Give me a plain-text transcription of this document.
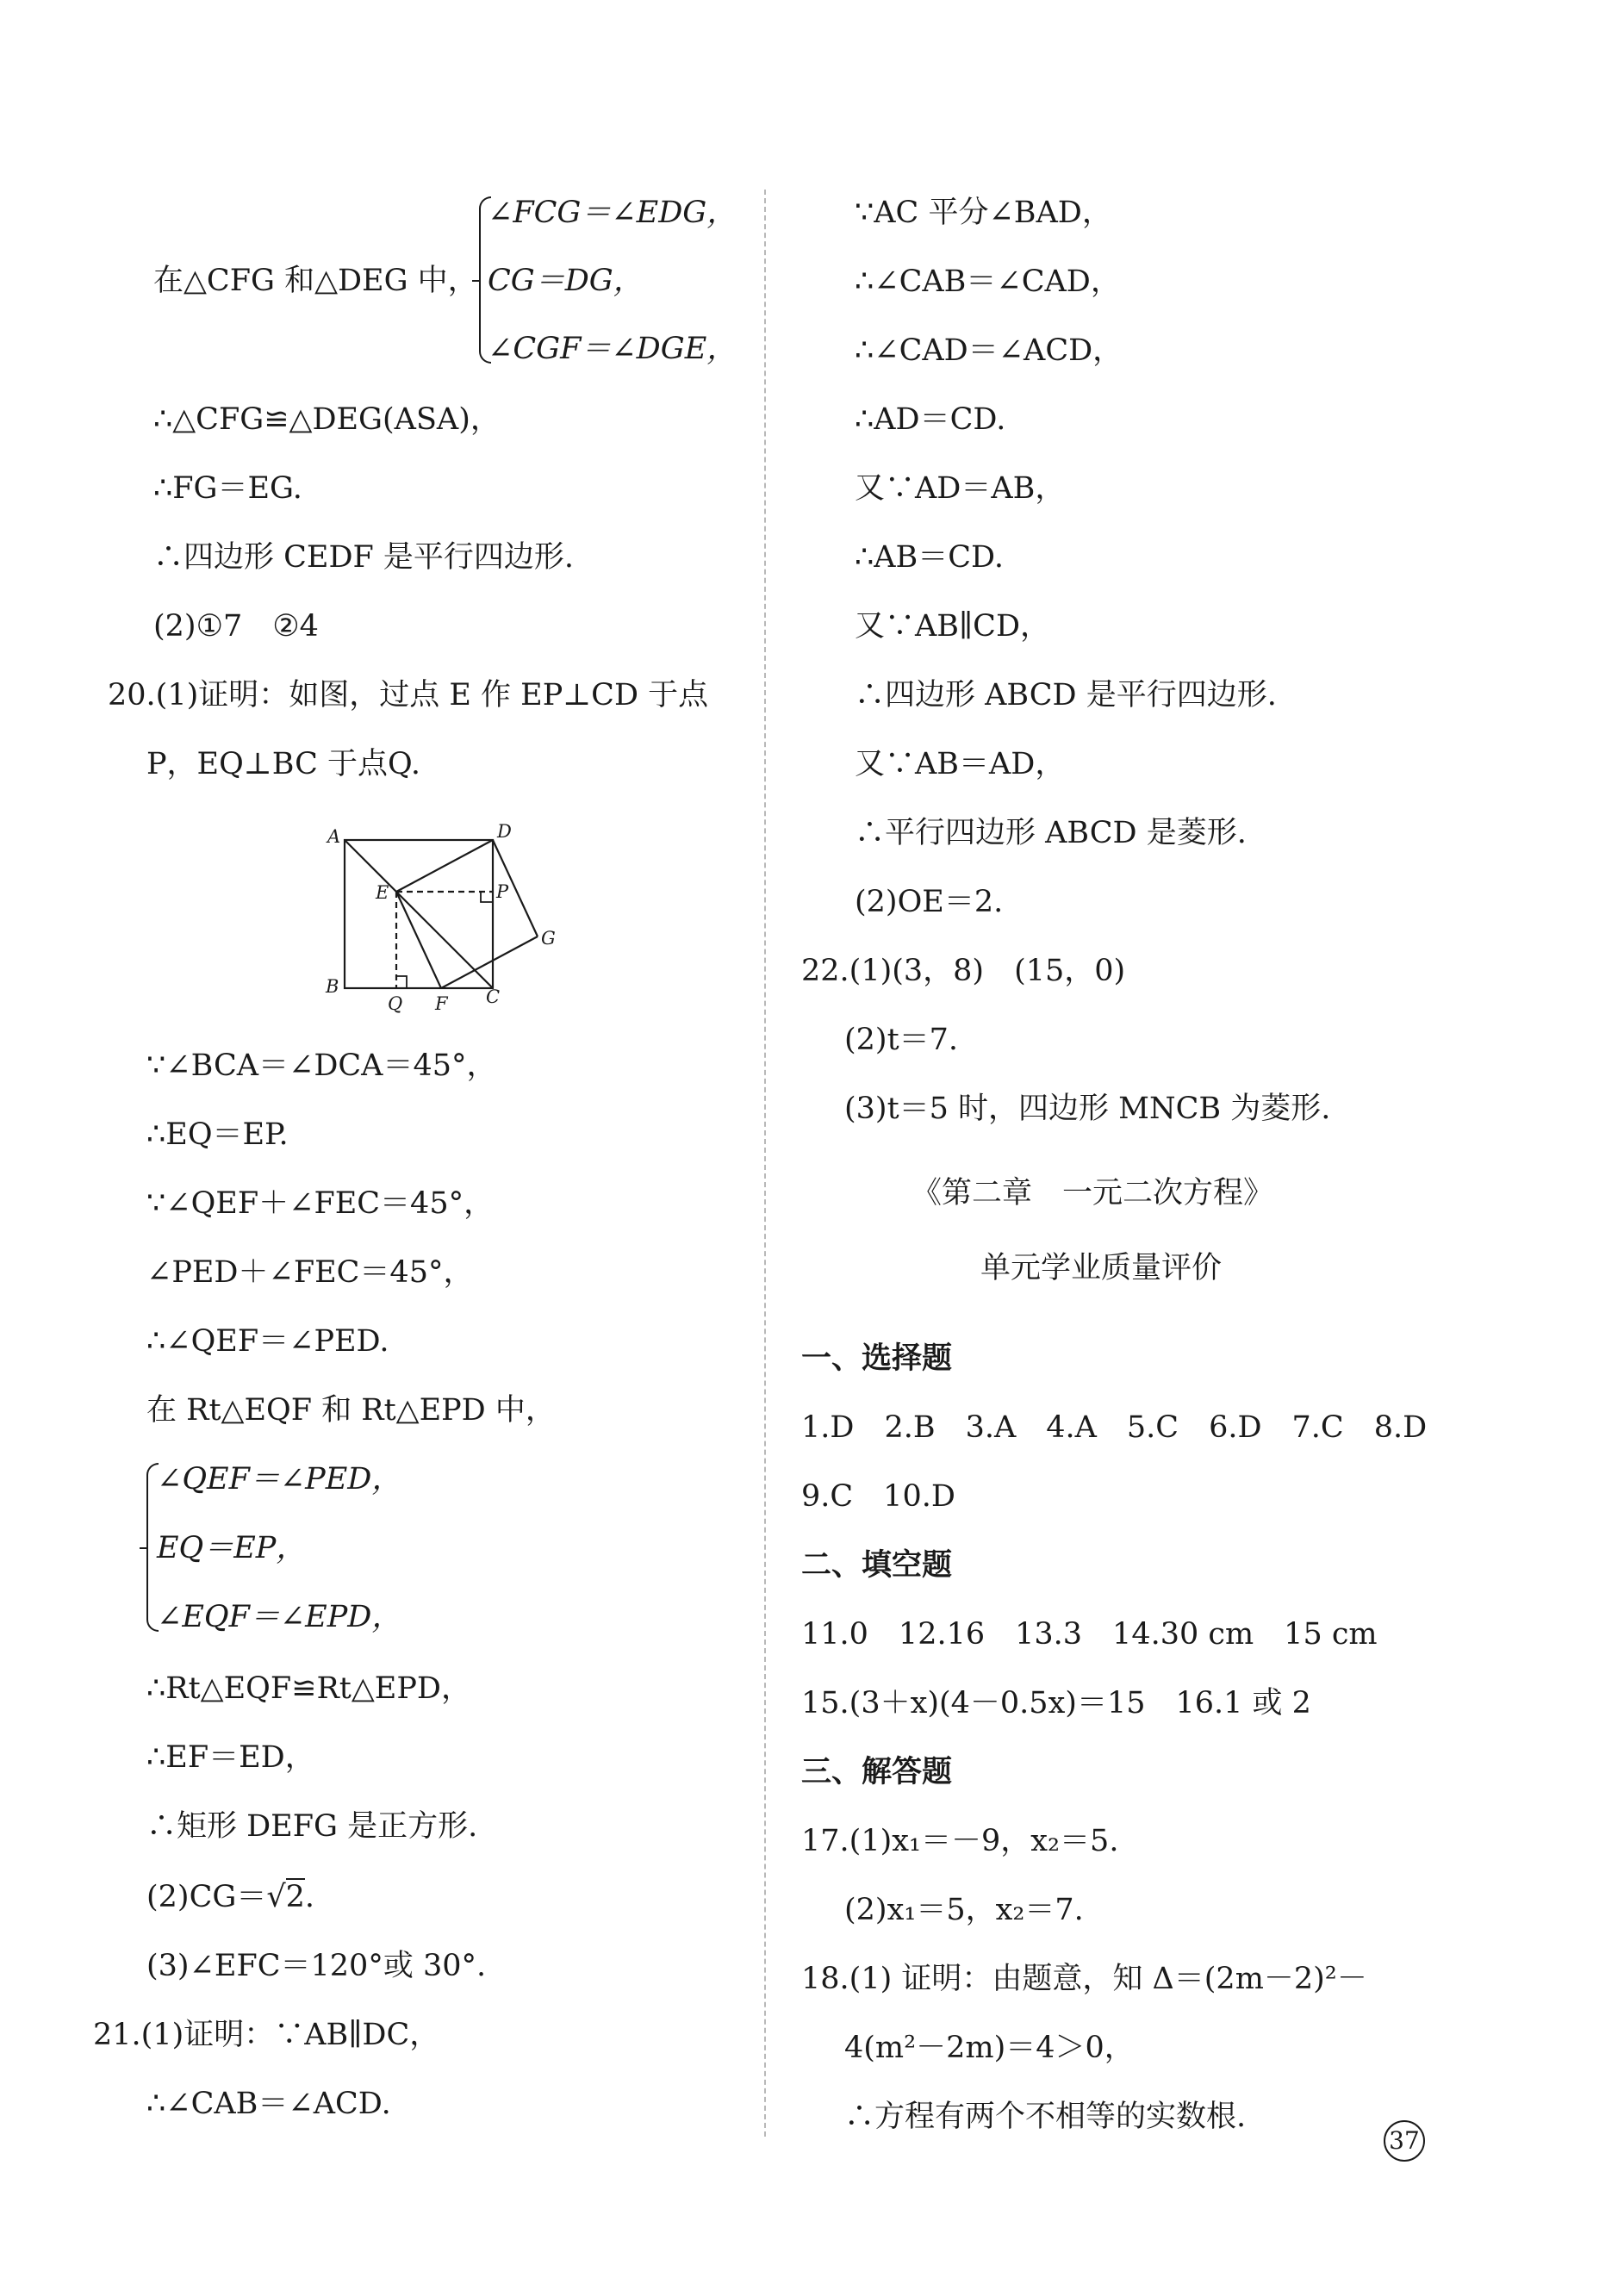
在△CFG 和△DEG 中，
∠FCG＝∠EDG，
CG＝DG，
∠CGF＝∠DGE，
∴△CFG≌△DEG(ASA)，
∴FG＝EG.
∴四边形 CEDF 是平行四边形.
(2)①7　②4
20.(1)证明：如图，过点 E 作 EP⊥CD 于点
P，EQ⊥BC 于点Q.
A	D
E	P
G
B
Q F C
∵∠BCA＝∠DCA＝45°，
∴EQ＝EP.
∵∠QEF＋∠FEC＝45°，
∠PED＋∠FEC＝45°，
∴∠QEF＝∠PED.
在 Rt△EQF 和 Rt△EPD 中，
∠QEF＝∠PED，
EQ＝EP，
∠EQF＝∠EPD，
∴Rt△EQF≌Rt△EPD，
∴EF＝ED，
∴矩形 DEFG 是正方形.
(2)CG＝√2.
(3)∠EFC＝120°或 30°.
21.(1)证明：∵AB∥DC，
∴∠CAB＝∠ACD.
∵AC 平分∠BAD，
∴∠CAB＝∠CAD，
∴∠CAD＝∠ACD，
∴AD＝CD.
又∵AD＝AB，
∴AB＝CD.
又∵AB∥CD，
∴四边形 ABCD 是平行四边形.
又∵AB＝AD，
∴平行四边形 ABCD 是菱形.
(2)OE＝2.
22.(1)(3，8)　(15，0)
(2)t＝7.
(3)t＝5 时，四边形 MNCB 为菱形.
《第二章　一元二次方程》
单元学业质量评价
一、选择题
1.D　2.B　3.A　4.A　5.C　6.D　7.C　8.D
9.C　10.D
二、填空题
11.0　12.16　13.3　14.30 cm　15 cm
15.(3＋x)(4－0.5x)＝15　16.1 或 2
三、解答题
17.(1)x₁＝－9，x₂＝5.
(2)x₁＝5，x₂＝7.
18.(1) 证明：由题意，知 Δ＝(2m－2)²－
4(m²－2m)＝4＞0，
∴方程有两个不相等的实数根.
37
